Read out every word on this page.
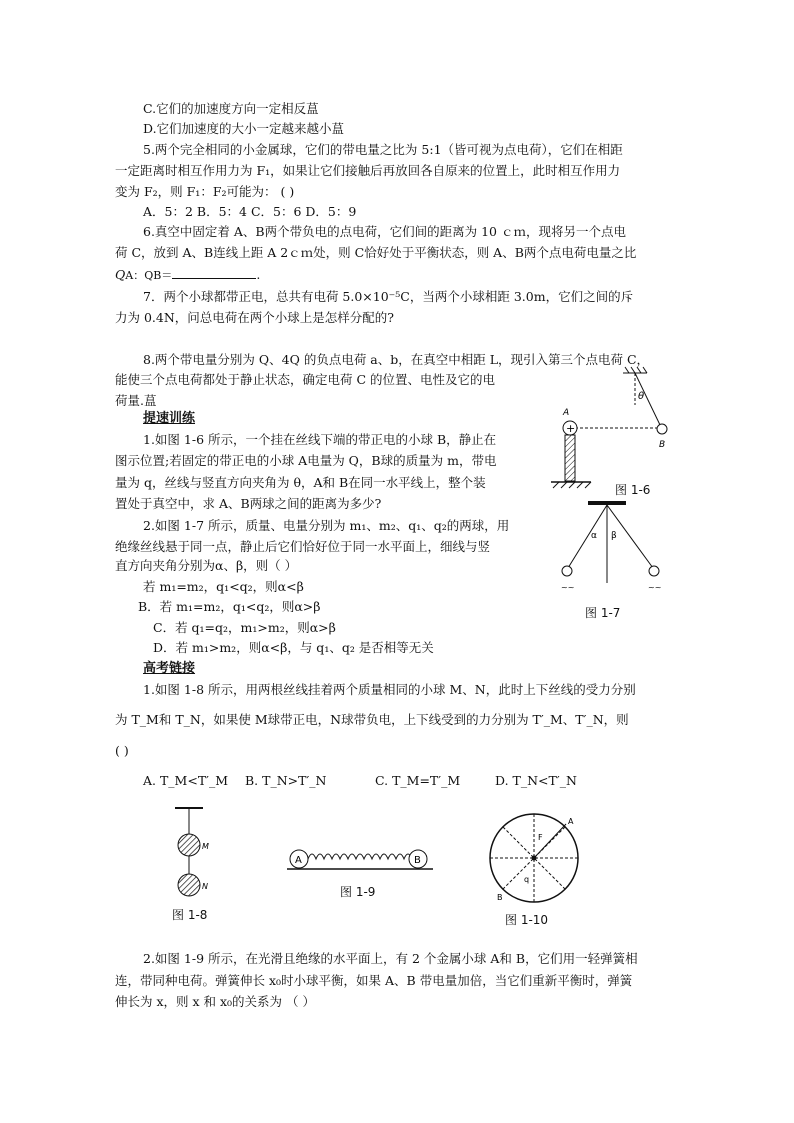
C.它们的加速度方向一定相反蒀
D.它们加速度的大小一定越来越小蒀
5.两个完全相同的小金属球，它们的带电量之比为 5:1（皆可视为点电荷），它们在相距
一定距离时相互作用力为 F₁，如果让它们接触后再放回各自原来的位置上，此时相互作用力
变为 F₂，则 F₁：F₂可能为： ( )
A．5：2 B．5：4 C．5：6 D．5：9
6.真空中固定着 A、B两个带负电的点电荷，它们间的距离为 10 ｃｍ，现将另一个点电
荷 C，放到 A、B连线上距 A 2ｃｍ处，则 C恰好处于平衡状态，则 A、B两个点电荷电量之比
QA：QB＝	.
7．两个小球都带正电，总共有电荷 5.0×10⁻⁵C，当两个小球相距 3.0m，它们之间的斥
力为 0.4N，问总电荷在两个小球上是怎样分配的?
8.两个带电量分别为 Q、4Q 的负点电荷 a、b，在真空中相距 L，现引入第三个点电荷 C，
能使三个点电荷都处于静止状态，确定电荷 C 的位置、电性及它的电
荷量.蒀
提速训练
1.如图 1-6 所示，一个挂在丝线下端的带正电的小球 B，静止在
图示位置;若固定的带正电的小球 A电量为 Q，B球的质量为 m，带电
量为 q，丝线与竖直方向夹角为 θ，A和 B在同一水平线上，整个装
置处于真空中，求 A、B两球之间的距离为多少?
2.如图 1-7 所示，质量、电量分别为 m₁、m₂、q₁、q₂的两球，用
绝缘丝线悬于同一点，静止后它们恰好位于同一水平面上，细线与竖
直方向夹角分别为α、β，则（ ）
若 m₁=m₂，q₁<q₂，则α<β
B．若 m₁=m₂，q₁<q₂，则α>β
C．若 q₁=q₂，m₁>m₂，则α>β
D．若 m₁>m₂，则α<β，与 q₁、q₂ 是否相等无关
高考链接
1.如图 1-8 所示，用两根丝线挂着两个质量相同的小球 M、N，此时上下丝线的受力分别
为 T_M和 T_N，如果使 M球带正电，N球带负电，上下线受到的力分别为 T′_M、T′_N，则
( )
A. T_M<T′_M B. T_N>T′_N	C. T_M=T′_M	D. T_N<T′_N
2.如图 1-9 所示，在光滑且绝缘的水平面上，有 2 个金属小球 A和 B，它们用一轻弹簧相
连，带同种电荷。弹簧伸长 x₀时小球平衡，如果 A、B 带电量加倍，当它们重新平衡时，弹簧
伸长为 x，则 x 和 x₀的关系为 （ ）
θ
B
+
A
图 1-6
α β
~~	~~
图 1-7
M
N
图 1-8
A	B
图 1-9
F
q
A
B
图 1-10
